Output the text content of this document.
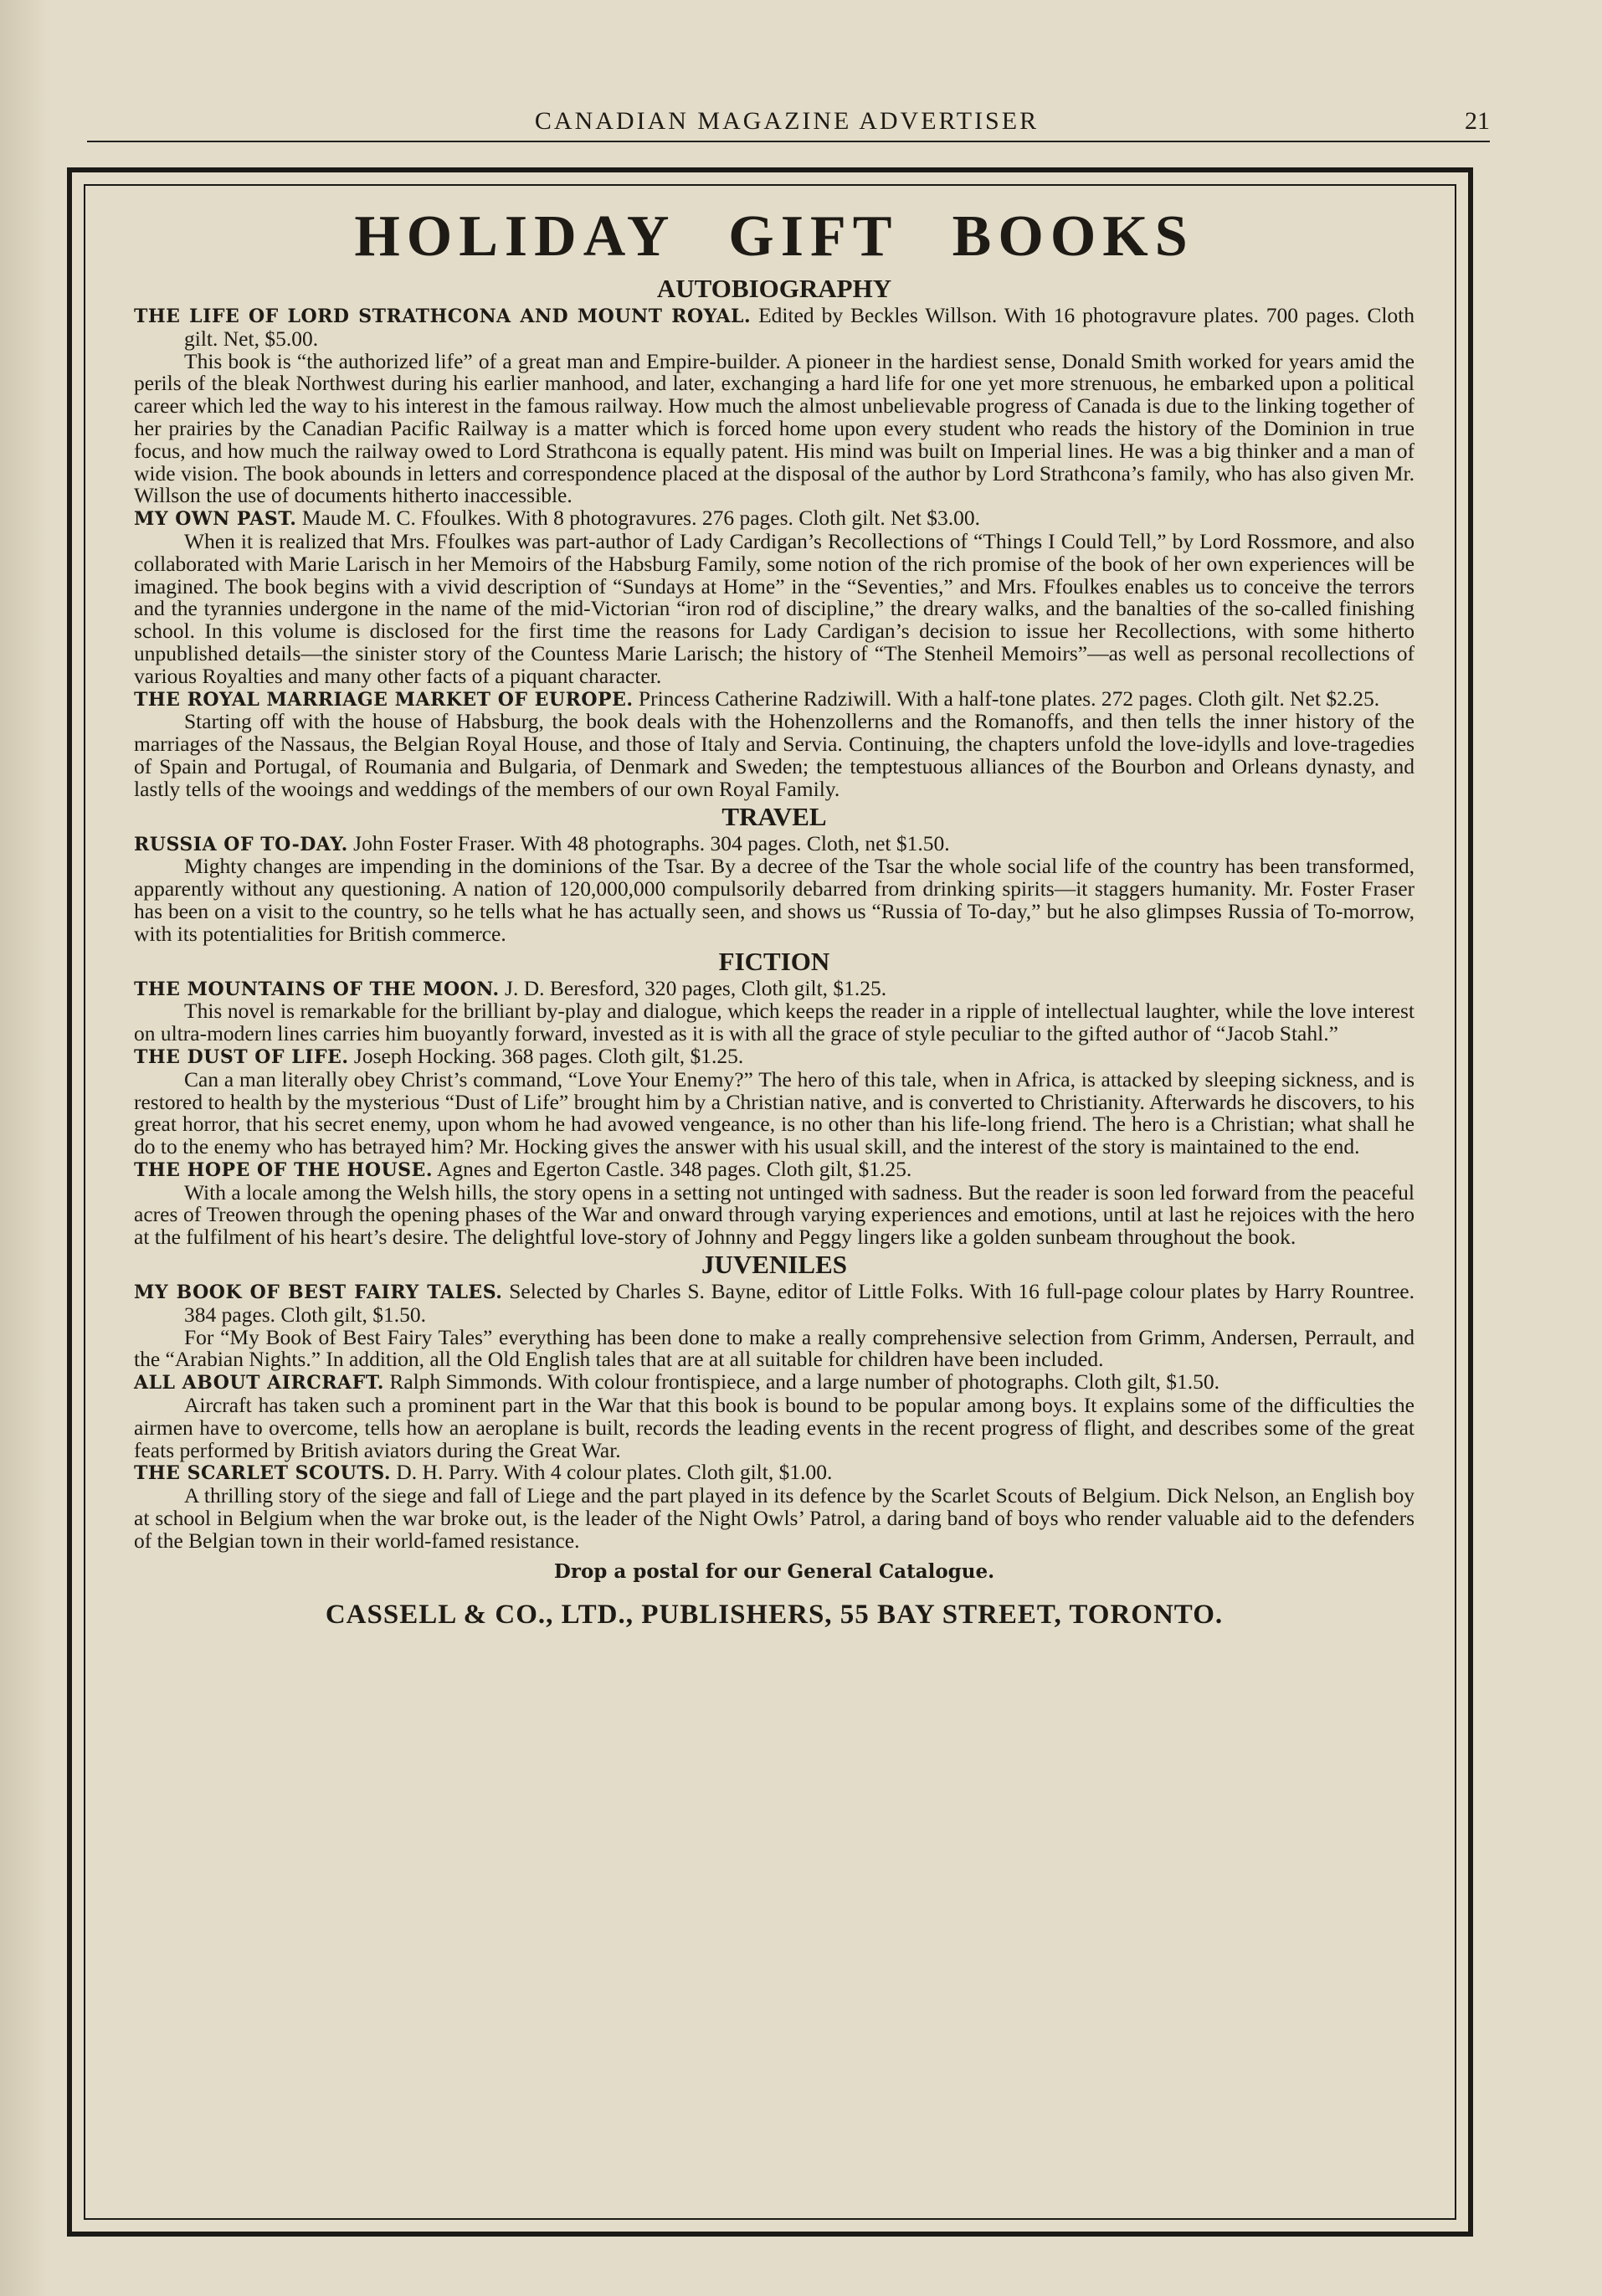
CANADIAN MAGAZINE ADVERTISER	21
HOLIDAY GIFT BOOKS
AUTOBIOGRAPHY

THE LIFE OF LORD STRATHCONA AND MOUNT ROYAL. Edited by Beckles Willson. With 16 photogravure plates. 700 pages. Cloth gilt. Net, $5.00.

This book is “the authorized life” of a great man and Empire-builder. A pioneer in the hardiest sense, Donald Smith worked for years amid the perils of the bleak Northwest during his earlier manhood, and later, exchanging a hard life for one yet more strenuous, he embarked upon a political career which led the way to his interest in the famous railway. How much the almost unbelievable progress of Canada is due to the linking together of her prairies by the Canadian Pacific Railway is a matter which is forced home upon every student who reads the history of the Dominion in true focus, and how much the railway owed to Lord Strathcona is equally patent. His mind was built on Imperial lines. He was a big thinker and a man of wide vision. The book abounds in letters and correspondence placed at the disposal of the author by Lord Strathcona’s family, who has also given Mr. Willson the use of documents hitherto inaccessible.

MY OWN PAST. Maude M. C. Ffoulkes. With 8 photogravures. 276 pages. Cloth gilt. Net $3.00.

When it is realized that Mrs. Ffoulkes was part-author of Lady Cardigan’s Recollections of “Things I Could Tell,” by Lord Rossmore, and also collaborated with Marie Larisch in her Memoirs of the Habsburg Family, some notion of the rich promise of the book of her own experiences will be imagined. The book begins with a vivid description of “Sundays at Home” in the “Seventies,” and Mrs. Ffoulkes enables us to conceive the terrors and the tyrannies undergone in the name of the mid-Victorian “iron rod of discipline,” the dreary walks, and the banalties of the so-called finishing school. In this volume is disclosed for the first time the reasons for Lady Cardigan’s decision to issue her Recollections, with some hitherto unpublished details—the sinister story of the Countess Marie Larisch; the history of “The Stenheil Memoirs”—as well as personal recollections of various Royalties and many other facts of a piquant character.

THE ROYAL MARRIAGE MARKET OF EUROPE. Princess Catherine Radziwill. With a half-tone plates. 272 pages. Cloth gilt. Net $2.25.

Starting off with the house of Habsburg, the book deals with the Hohenzollerns and the Romanoffs, and then tells the inner history of the marriages of the Nassaus, the Belgian Royal House, and those of Italy and Servia. Continuing, the chapters unfold the love-idylls and love-tragedies of Spain and Portugal, of Roumania and Bulgaria, of Denmark and Sweden; the temptestuous alliances of the Bourbon and Orleans dynasty, and lastly tells of the wooings and weddings of the members of our own Royal Family.

TRAVEL

RUSSIA OF TO-DAY. John Foster Fraser. With 48 photographs. 304 pages. Cloth, net $1.50.

Mighty changes are impending in the dominions of the Tsar. By a decree of the Tsar the whole social life of the country has been transformed, apparently without any questioning. A nation of 120,000,000 compulsorily debarred from drinking spirits—it staggers humanity. Mr. Foster Fraser has been on a visit to the country, so he tells what he has actually seen, and shows us “Russia of To-day,” but he also glimpses Russia of To-morrow, with its potentialities for British commerce.

FICTION

THE MOUNTAINS OF THE MOON. J. D. Beresford, 320 pages, Cloth gilt, $1.25.

This novel is remarkable for the brilliant by-play and dialogue, which keeps the reader in a ripple of intellectual laughter, while the love interest on ultra-modern lines carries him buoyantly forward, invested as it is with all the grace of style peculiar to the gifted author of “Jacob Stahl.”

THE DUST OF LIFE. Joseph Hocking. 368 pages. Cloth gilt, $1.25.

Can a man literally obey Christ’s command, “Love Your Enemy?” The hero of this tale, when in Africa, is attacked by sleeping sickness, and is restored to health by the mysterious “Dust of Life” brought him by a Christian native, and is converted to Christianity. Afterwards he discovers, to his great horror, that his secret enemy, upon whom he had avowed vengeance, is no other than his life-long friend. The hero is a Christian; what shall he do to the enemy who has betrayed him? Mr. Hocking gives the answer with his usual skill, and the interest of the story is maintained to the end.

THE HOPE OF THE HOUSE. Agnes and Egerton Castle. 348 pages. Cloth gilt, $1.25.

With a locale among the Welsh hills, the story opens in a setting not untinged with sadness. But the reader is soon led forward from the peaceful acres of Treowen through the opening phases of the War and onward through varying experiences and emotions, until at last he rejoices with the hero at the fulfilment of his heart’s desire. The delightful love-story of Johnny and Peggy lingers like a golden sunbeam throughout the book.

JUVENILES

MY BOOK OF BEST FAIRY TALES. Selected by Charles S. Bayne, editor of Little Folks. With 16 full-page colour plates by Harry Rountree. 384 pages. Cloth gilt, $1.50.

For “My Book of Best Fairy Tales” everything has been done to make a really comprehensive selection from Grimm, Andersen, Perrault, and the “Arabian Nights.” In addition, all the Old English tales that are at all suitable for children have been included.

ALL ABOUT AIRCRAFT. Ralph Simmonds. With colour frontispiece, and a large number of photographs. Cloth gilt, $1.50.

Aircraft has taken such a prominent part in the War that this book is bound to be popular among boys. It explains some of the difficulties the airmen have to overcome, tells how an aeroplane is built, records the leading events in the recent progress of flight, and describes some of the great feats performed by British aviators during the Great War.

THE SCARLET SCOUTS. D. H. Parry. With 4 colour plates. Cloth gilt, $1.00.

A thrilling story of the siege and fall of Liege and the part played in its defence by the Scarlet Scouts of Belgium. Dick Nelson, an English boy at school in Belgium when the war broke out, is the leader of the Night Owls’ Patrol, a daring band of boys who render valuable aid to the defenders of the Belgian town in their world-famed resistance.

Drop a postal for our General Catalogue.

CASSELL & CO., LTD., PUBLISHERS, 55 BAY STREET, TORONTO.
